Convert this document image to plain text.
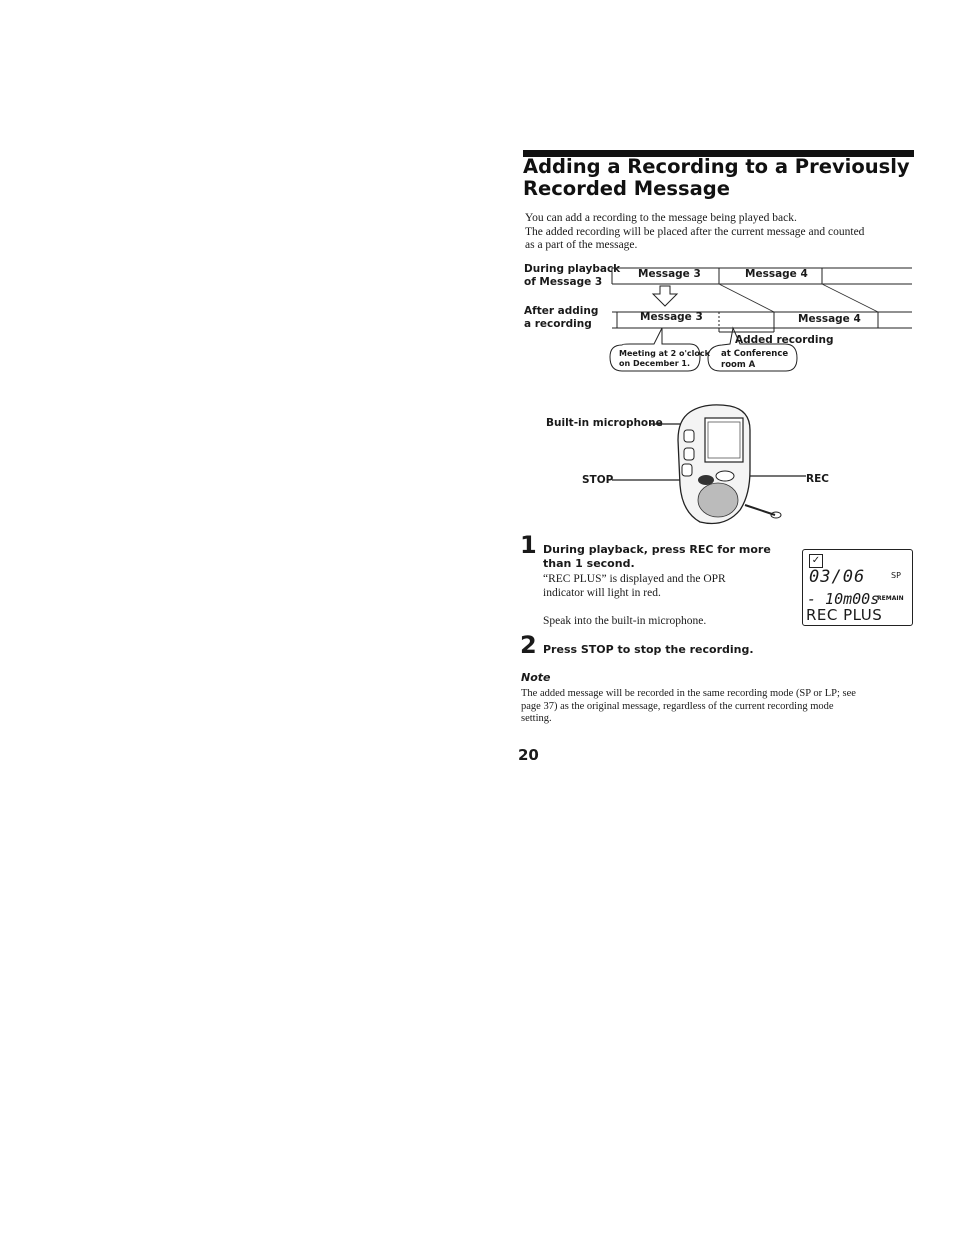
Adding a Recording to a Previously
Recorded Message
You can add a recording to the message being played back.
The added recording will be placed after the current message and counted
as a part of the message.
During playback
of Message 3
After adding
a recording
Message 3	Message 4
Message 3	Message 4
Added recording
Meeting at 2 o'clock
on December 1.
at Conference
room A
Built-in microphone
STOP	REC
1 During playback, press REC for more
than 1 second.
“REC PLUS” is displayed and the OPR
indicator will light in red.
Speak into the built-in microphone.
✓
03/06	SP
- 10m00s
REMAIN
REC PLUS
2 Press STOP to stop the recording.
Note
The added message will be recorded in the same recording mode (SP or LP; see
page 37) as the original message, regardless of the current recording mode
setting.
20
